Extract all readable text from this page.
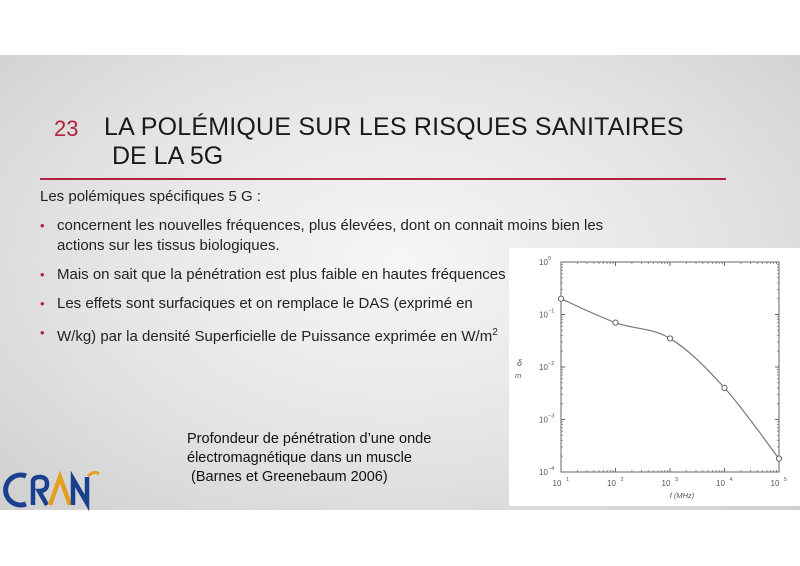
23 LA POLÉMIQUE SUR LES RISQUES SANITAIRES
DE LA 5G
Les polémiques spécifiques 5 G :
• concernent les nouvelles fréquences, plus élevées, dont on connait moins bien les actions sur les tissus biologiques.
• Mais on sait que la pénétration est plus faible en hautes fréquences
• Les effets sont surfaciques et on remplace le DAS (exprimé en
• W/kg) par la densité Superficielle de Puissance exprimée en $W/m^2$
Profondeur de pénétration d’une onde
électromagnétique dans un muscle
(Barnes et Greenebaum 2006)	10 1	10 2	10 3	10 4	10 5
10 0
10 −1
10 −2
10 −3
10 −4
f (MHz)
δ
m
